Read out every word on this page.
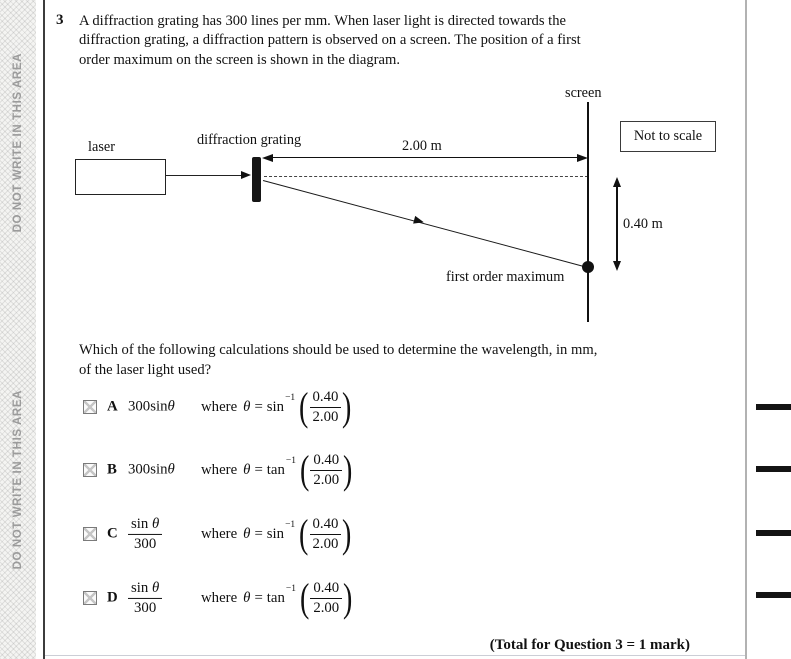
DO NOT WRITE IN THIS AREA
DO NOT WRITE IN THIS AREA
3 A diffraction grating has 300 lines per mm. When laser light is directed towards the
diffraction grating, a diffraction pattern is observed on a screen. The position of a first
order maximum on the screen is shown in the diagram.
laser	diffraction grating	2.00 m
screen
Not to scale
0.40 m
first order maximum
Which of the following calculations should be used to determine the wavelength, in mm,
of the laser light used?
A 300sinθ where $\theta = \sin^{-1}$ ( $\frac{0.40}{2.00}$ )
B 300sinθ where $\theta = \tan^{-1}$ ( $\frac{0.40}{2.00}$ )
C $\frac{\text{sin θ}}{300}$	where $\theta = \sin^{-1}$ ( $\frac{0.40}{2.00}$ )
D $\frac{\text{sin θ}}{300}$	where $\theta = \tan^{-1}$ ( $\frac{0.40}{2.00}$ )
(Total for Question 3 = 1 mark)
